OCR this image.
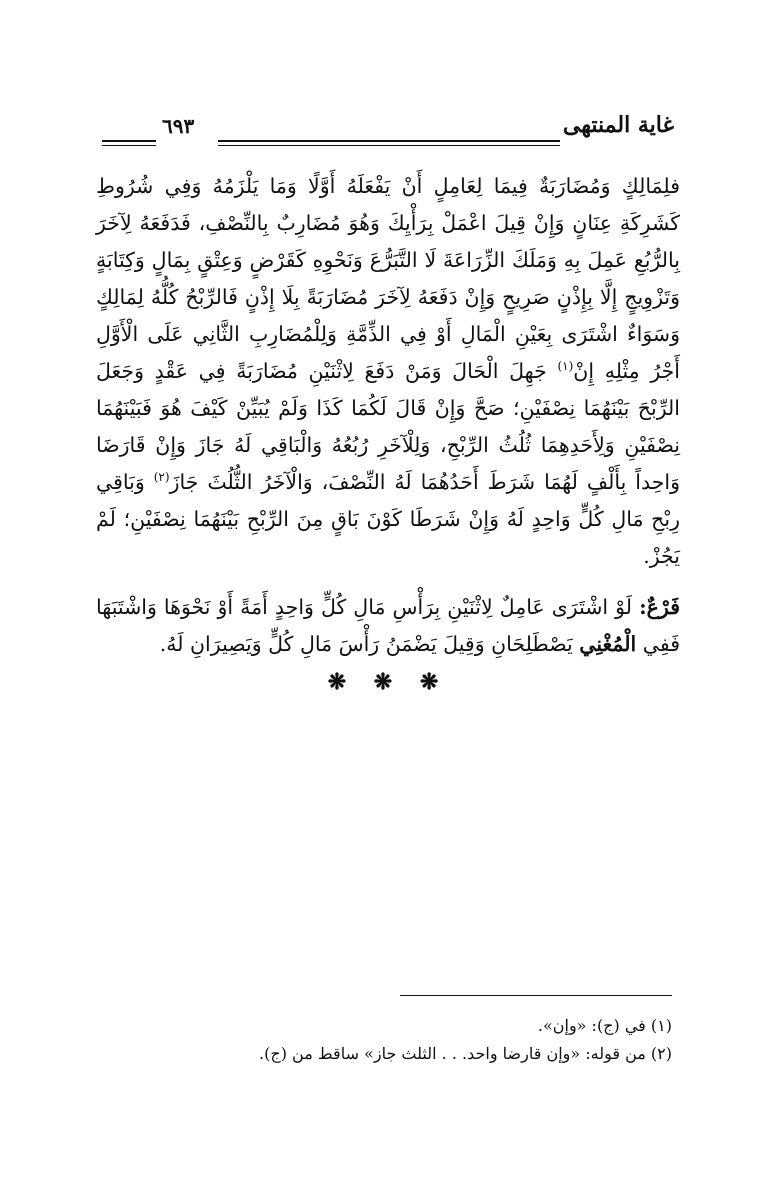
غاية المنتهى
٦٩٣

فلِمَالِكٍ وَمُضَارَبَةٌ فِيمَا لِعَامِلٍ أَنْ يَفْعَلَهُ أَوَّلًا وَمَا يَلْزَمُهُ وَفِي شُرُوطِ كَشَرِكَةِ عِنَانٍ وَإِنْ قِيلَ اعْمَلْ بِرَأْيِكَ وَهُوَ مُضَارِبٌ بِالنِّصْفِ، فَدَفَعَهُ لِآخَرَ بِالرُّبُعِ عَمِلَ بِهِ وَمَلَكَ الزِّرَاعَةَ لَا التَّبَرُّعَ وَنَحْوِهِ كَقَرْضٍ وَعِتْقٍ بِمَالٍ وَكِتَابَةٍ وَتَزْوِيجٍ إِلَّا بِإِذْنٍ صَرِيحٍ وَإِنْ دَفَعَهُ لِآخَرَ مُضَارَبَةً بِلَا إِذْنٍ فَالرِّبْحُ كُلُّهُ لِمَالِكٍ وَسَوَاءٌ اشْتَرَى بِعَيْنِ الْمَالِ أَوْ فِي الذِّمَّةِ وَلِلْمُضَارِبِ الثَّانِي عَلَى الْأَوَّلِ أَجْرُ مِثْلِهِ إِنْ$^{(١)}$ جَهِلَ الْحَالَ وَمَنْ دَفَعَ لِاثْنَيْنِ مُضَارَبَةً فِي عَقْدٍ وَجَعَلَ الرِّبْحَ بَيْنَهُمَا نِصْفَيْنِ؛ صَحَّ وَإِنْ قَالَ لَكُمَا كَذَا وَلَمْ يُبَيِّنْ كَيْفَ هُوَ فَبَيْنَهُمَا نِصْفَيْنِ وَلِأَحَدِهِمَا ثُلُثُ الرِّبْحِ، وَلِلْآخَرِ رُبُعُهُ وَالْبَاقِي لَهُ جَازَ وَإِنْ قَارَضَا وَاحِداً بِأَلْفٍ لَهُمَا شَرَطَ أَحَدُهُمَا لَهُ النِّصْفَ، وَالْآخَرُ الثُّلُثَ جَازَ$^{(٢)}$ وَبَاقِي رِبْحِ مَالِ كُلٍّ وَاحِدٍ لَهُ وَإِنْ شَرَطَا كَوْنَ بَاقٍ مِنَ الرِّبْحِ بَيْنَهُمَا نِصْفَيْنِ؛ لَمْ يَجُزْ.

فَرْعٌ: لَوْ اشْتَرَى عَامِلٌ لِاثْنَيْنِ بِرَأْسِ مَالِ كُلٍّ وَاحِدٍ أَمَةً أَوْ نَحْوَهَا وَاشْتَبَهَا فَفِي الْمُغْنِي يَصْطَلِحَانِ وَقِيلَ يَضْمَنُ رَأْسَ مَالِ كُلٍّ وَيَصِيرَانِ لَهُ.

❋ ❋ ❋
(١) في (ج): «وإن».
(٢) من قوله: «وإن قارضا واحد. . . الثلث جاز» ساقط من (ج).
